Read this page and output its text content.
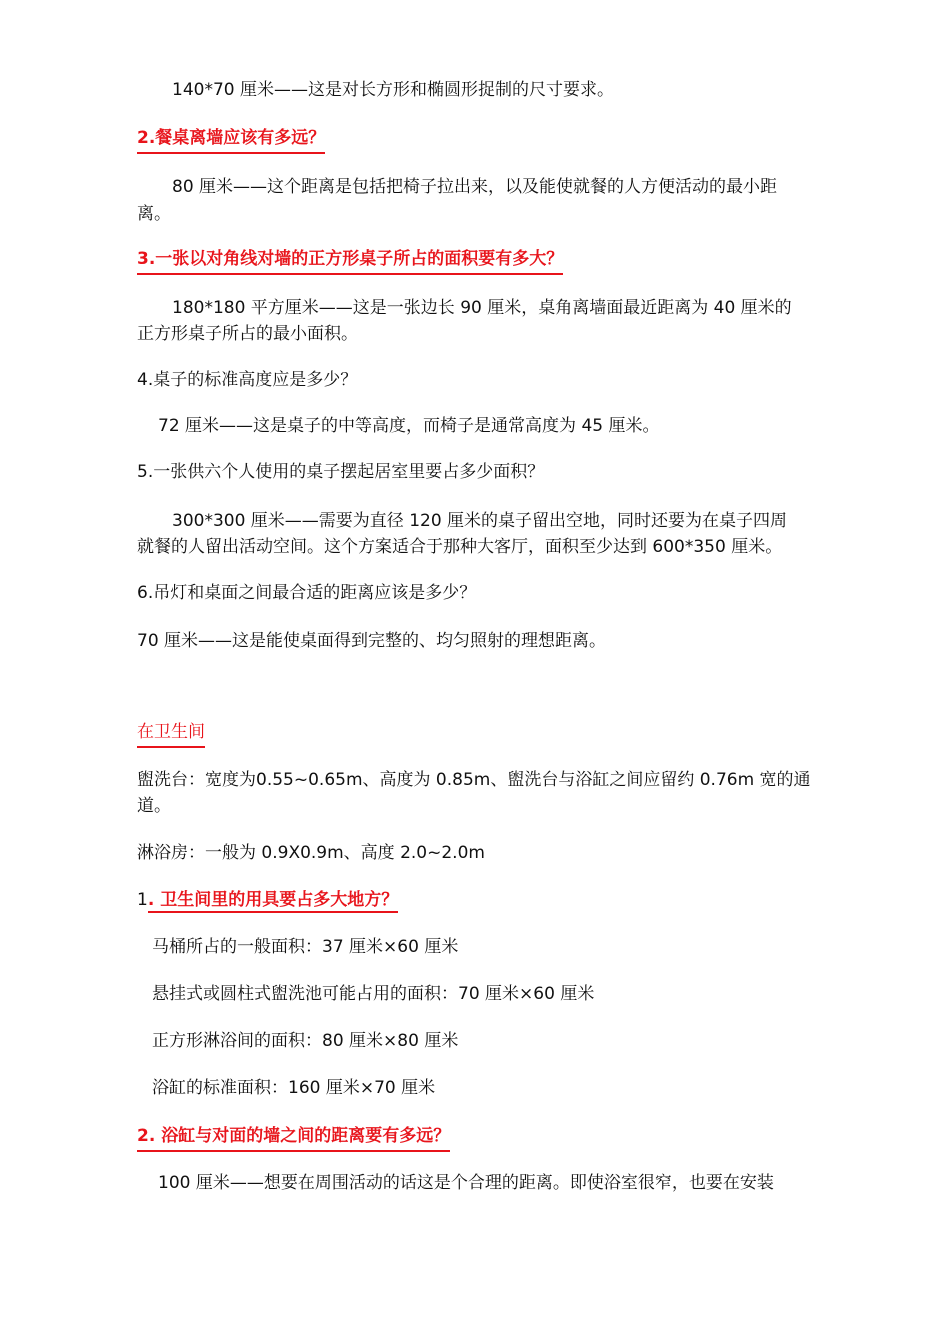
140*70 厘米——这是对长方形和椭圆形捉制的尺寸要求。
2.餐桌离墙应该有多远？
80 厘米——这个距离是包括把椅子拉出来，以及能使就餐的人方便活动的最小距
离。
3.一张以对角线对墙的正方形桌子所占的面积要有多大？
180*180 平方厘米——这是一张边长 90 厘米，桌角离墙面最近距离为 40 厘米的
正方形桌子所占的最小面积。
4.桌子的标准高度应是多少？
72 厘米——这是桌子的中等高度，而椅子是通常高度为 45 厘米。
5.一张供六个人使用的桌子摆起居室里要占多少面积？
300*300 厘米——需要为直径 120 厘米的桌子留出空地，同时还要为在桌子四周
就餐的人留出活动空间。这个方案适合于那种大客厅，面积至少达到 600*350 厘米。
6.吊灯和桌面之间最合适的距离应该是多少？
70 厘米——这是能使桌面得到完整的、均匀照射的理想距离。
在卫生间
盥洗台：宽度为0.55~0.65m、高度为 0.85m、盥洗台与浴缸之间应留约 0.76m 宽的通
道。
淋浴房：一般为 0.9X0.9m、高度 2.0~2.0m
1. 卫生间里的用具要占多大地方？
马桶所占的一般面积：37 厘米×60 厘米
悬挂式或圆柱式盥洗池可能占用的面积：70 厘米×60 厘米
正方形淋浴间的面积：80 厘米×80 厘米
浴缸的标准面积：160 厘米×70 厘米
2. 浴缸与对面的墙之间的距离要有多远？
100 厘米——想要在周围活动的话这是个合理的距离。即使浴室很窄，也要在安装
